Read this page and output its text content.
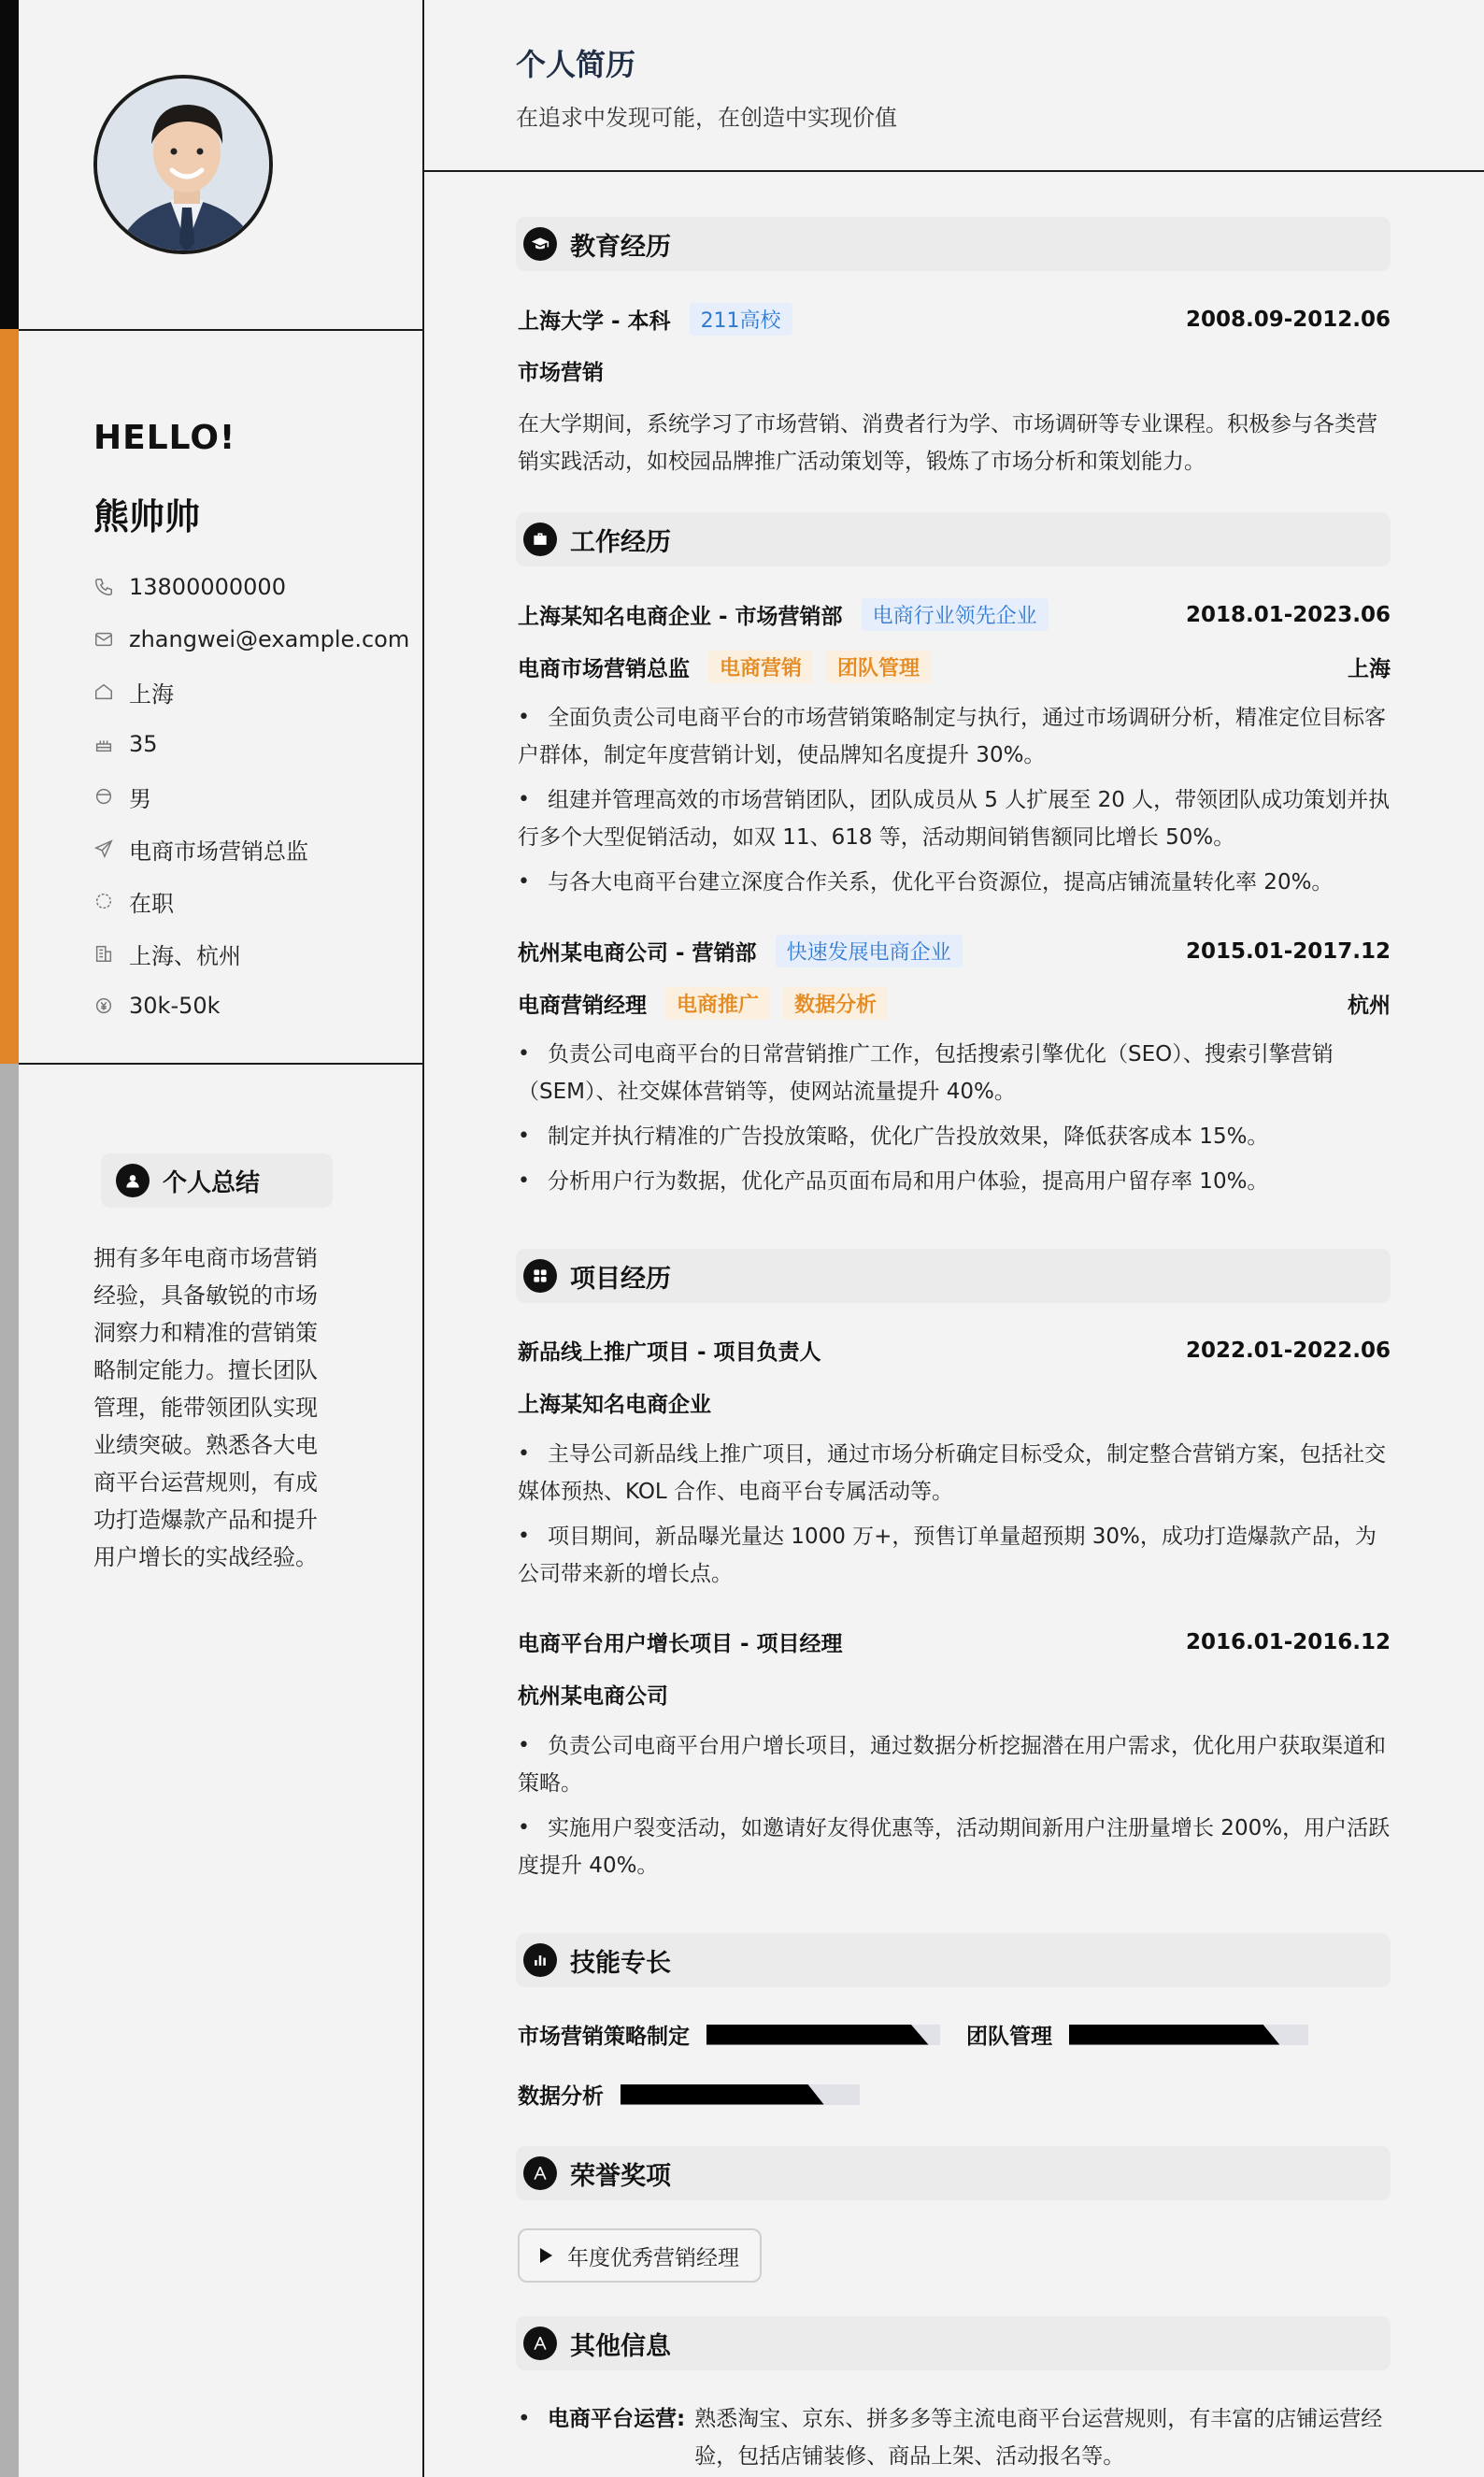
HELLO!
熊帅帅
13800000000
zhangwei@example.com
上海
35
男
电商市场营销总监
在职
上海、杭州
30k-50k
个人总结
拥有多年电商市场营销经验，具备敏锐的市场洞察力和精准的营销策略制定能力。擅长团队管理，能带领团队实现业绩突破。熟悉各大电商平台运营规则，有成功打造爆款产品和提升用户增长的实战经验。
个人简历
在追求中发现可能，在创造中实现价值
教育经历
上海大学 - 本科	211高校	2008.09-2012.06
市场营销
在大学期间，系统学习了市场营销、消费者行为学、市场调研等专业课程。积极参与各类营销实践活动，如校园品牌推广活动策划等，锻炼了市场分析和策划能力。
工作经历
上海某知名电商企业 - 市场营销部	电商行业领先企业	2018.01-2023.06
电商市场营销总监	电商营销	团队管理	上海
• 全面负责公司电商平台的市场营销策略制定与执行，通过市场调研分析，精准定位目标客户群体，制定年度营销计划，使品牌知名度提升 30%。
• 组建并管理高效的市场营销团队，团队成员从 5 人扩展至 20 人，带领团队成功策划并执行多个大型促销活动，如双 11、618 等，活动期间销售额同比增长 50%。
• 与各大电商平台建立深度合作关系，优化平台资源位，提高店铺流量转化率 20%。
杭州某电商公司 - 营销部	快速发展电商企业	2015.01-2017.12
电商营销经理	电商推广	数据分析	杭州
• 负责公司电商平台的日常营销推广工作，包括搜索引擎优化（SEO）、搜索引擎营销（SEM）、社交媒体营销等，使网站流量提升 40%。
• 制定并执行精准的广告投放策略，优化广告投放效果，降低获客成本 15%。
• 分析用户行为数据，优化产品页面布局和用户体验，提高用户留存率 10%。
项目经历
新品线上推广项目 - 项目负责人	2022.01-2022.06
上海某知名电商企业
• 主导公司新品线上推广项目，通过市场分析确定目标受众，制定整合营销方案，包括社交媒体预热、KOL 合作、电商平台专属活动等。
• 项目期间，新品曝光量达 1000 万+，预售订单量超预期 30%，成功打造爆款产品，为公司带来新的增长点。
电商平台用户增长项目 - 项目经理	2016.01-2016.12
杭州某电商公司
• 负责公司电商平台用户增长项目，通过数据分析挖掘潜在用户需求，优化用户获取渠道和策略。
• 实施用户裂变活动，如邀请好友得优惠等，活动期间新用户注册量增长 200%，用户活跃度提升 40%。
技能专长
市场营销策略制定	团队管理
数据分析
荣誉奖项
年度优秀营销经理
其他信息
• 电商平台运营: 熟悉淘宝、京东、拼多多等主流电商平台运营规则，有丰富的店铺运营经验，包括店铺装修、商品上架、活动报名等。
